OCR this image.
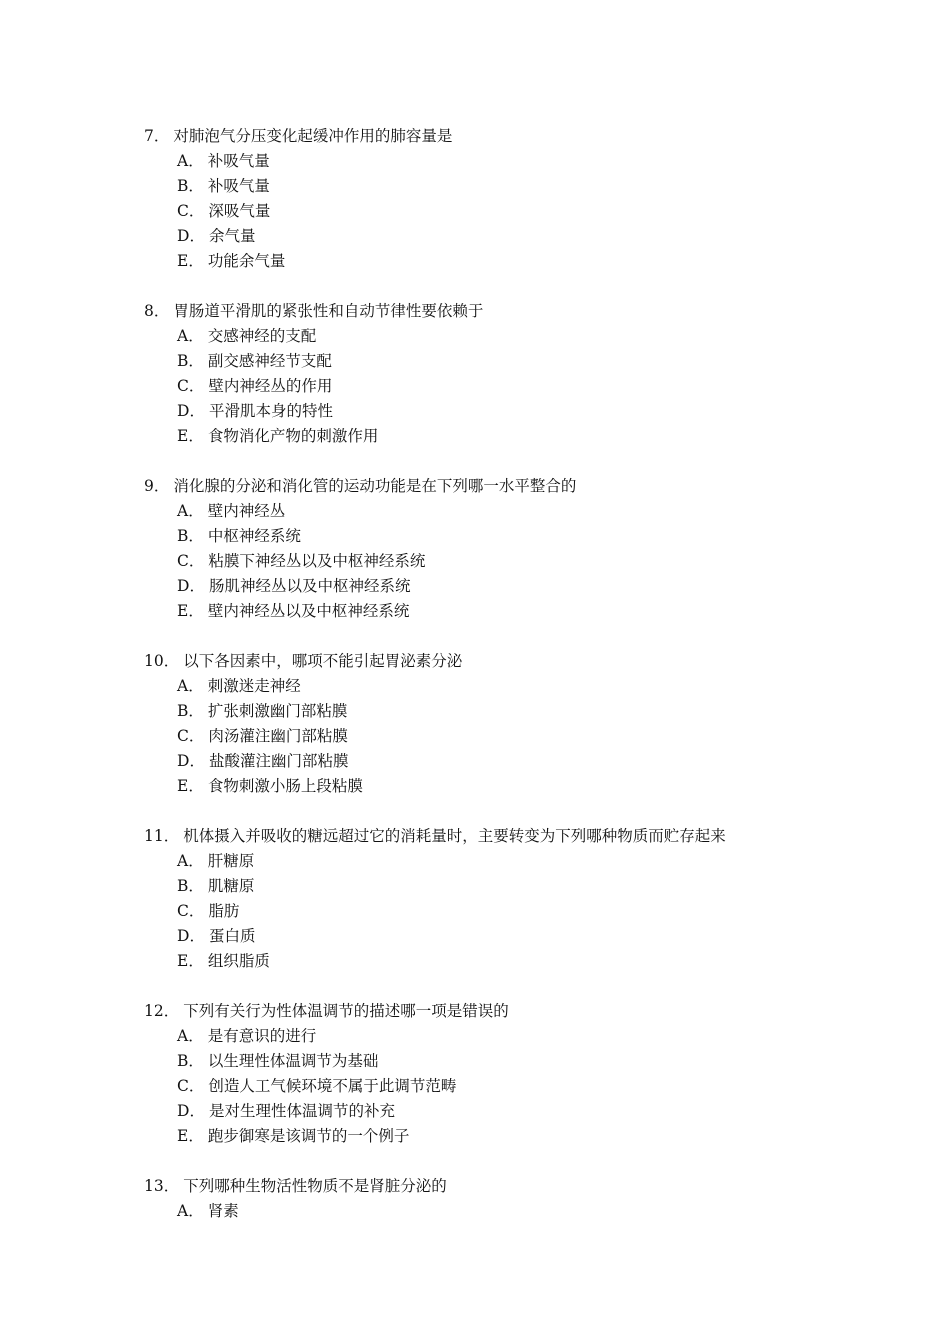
7． 对肺泡气分压变化起缓冲作用的肺容量是
A． 补吸气量
B． 补吸气量
C． 深吸气量
D． 余气量
E． 功能余气量
8． 胃肠道平滑肌的紧张性和自动节律性要依赖于
A． 交感神经的支配
B． 副交感神经节支配
C． 壁内神经丛的作用
D． 平滑肌本身的特性
E． 食物消化产物的刺激作用
9． 消化腺的分泌和消化管的运动功能是在下列哪一水平整合的
A． 壁内神经丛
B． 中枢神经系统
C． 粘膜下神经丛以及中枢神经系统
D． 肠肌神经丛以及中枢神经系统
E． 壁内神经丛以及中枢神经系统
10． 以下各因素中，哪项不能引起胃泌素分泌
A． 刺激迷走神经
B． 扩张刺激幽门部粘膜
C． 肉汤灌注幽门部粘膜
D． 盐酸灌注幽门部粘膜
E． 食物刺激小肠上段粘膜
11． 机体摄入并吸收的糖远超过它的消耗量时，主要转变为下列哪种物质而贮存起来
A． 肝糖原
B． 肌糖原
C． 脂肪
D． 蛋白质
E． 组织脂质
12． 下列有关行为性体温调节的描述哪一项是错误的
A． 是有意识的进行
B． 以生理性体温调节为基础
C． 创造人工气候环境不属于此调节范畴
D． 是对生理性体温调节的补充
E． 跑步御寒是该调节的一个例子
13． 下列哪种生物活性物质不是肾脏分泌的
A． 肾素
